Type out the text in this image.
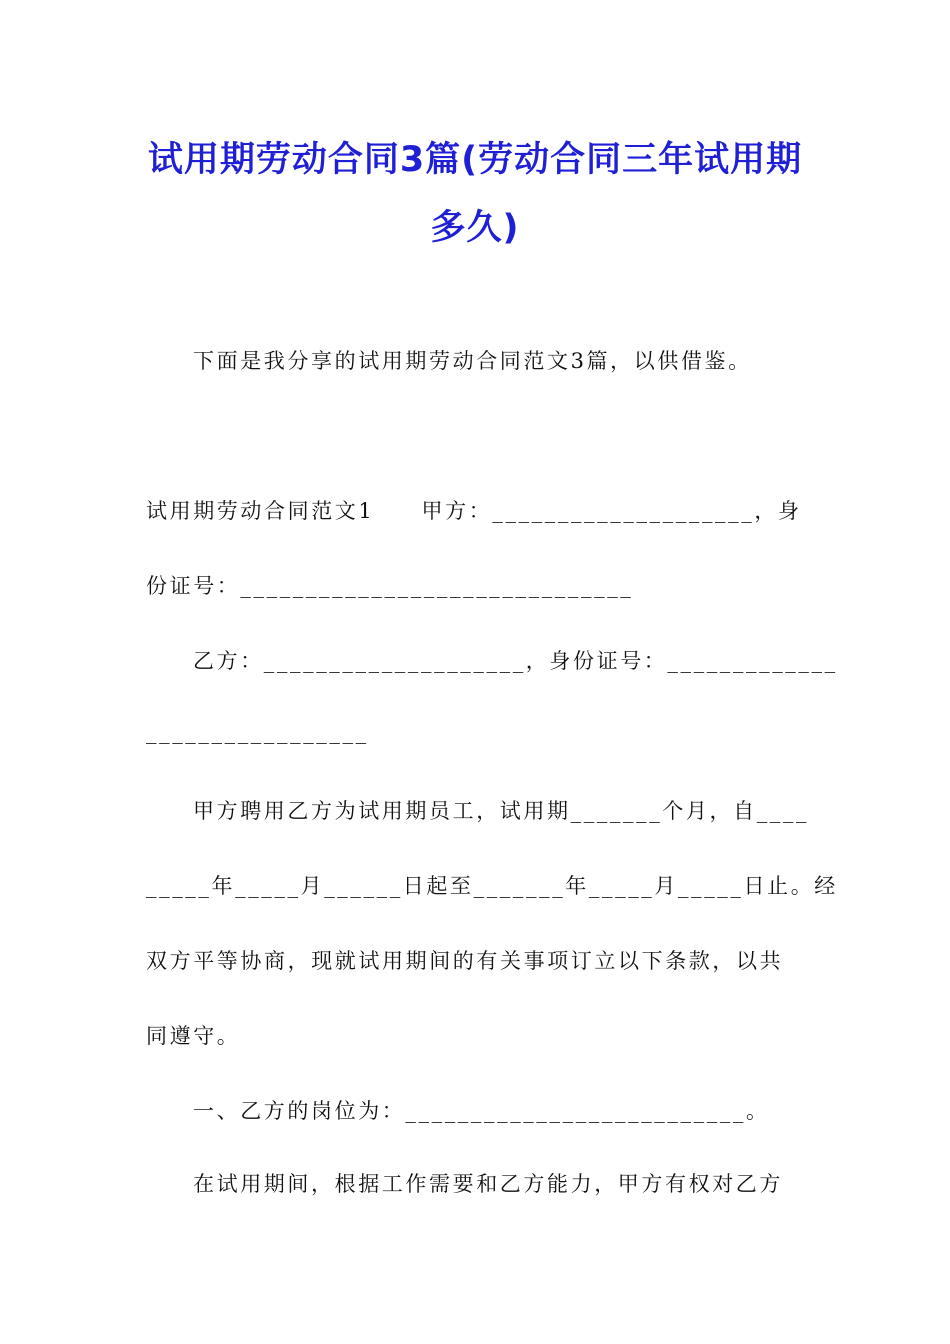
试用期劳动合同3篇(劳动合同三年试用期
多久)

下面是我分享的试用期劳动合同范文3篇，以供借鉴。

试用期劳动合同范文1　　甲方：____________________，身

份证号：______________________________

乙方：____________________，身份证号：_____________

_________________

甲方聘用乙方为试用期员工，试用期_______个月，自____

_____年_____月______日起至_______年_____月_____日止。经

双方平等协商，现就试用期间的有关事项订立以下条款，以共

同遵守。

一、乙方的岗位为：__________________________。

在试用期间，根据工作需要和乙方能力，甲方有权对乙方
